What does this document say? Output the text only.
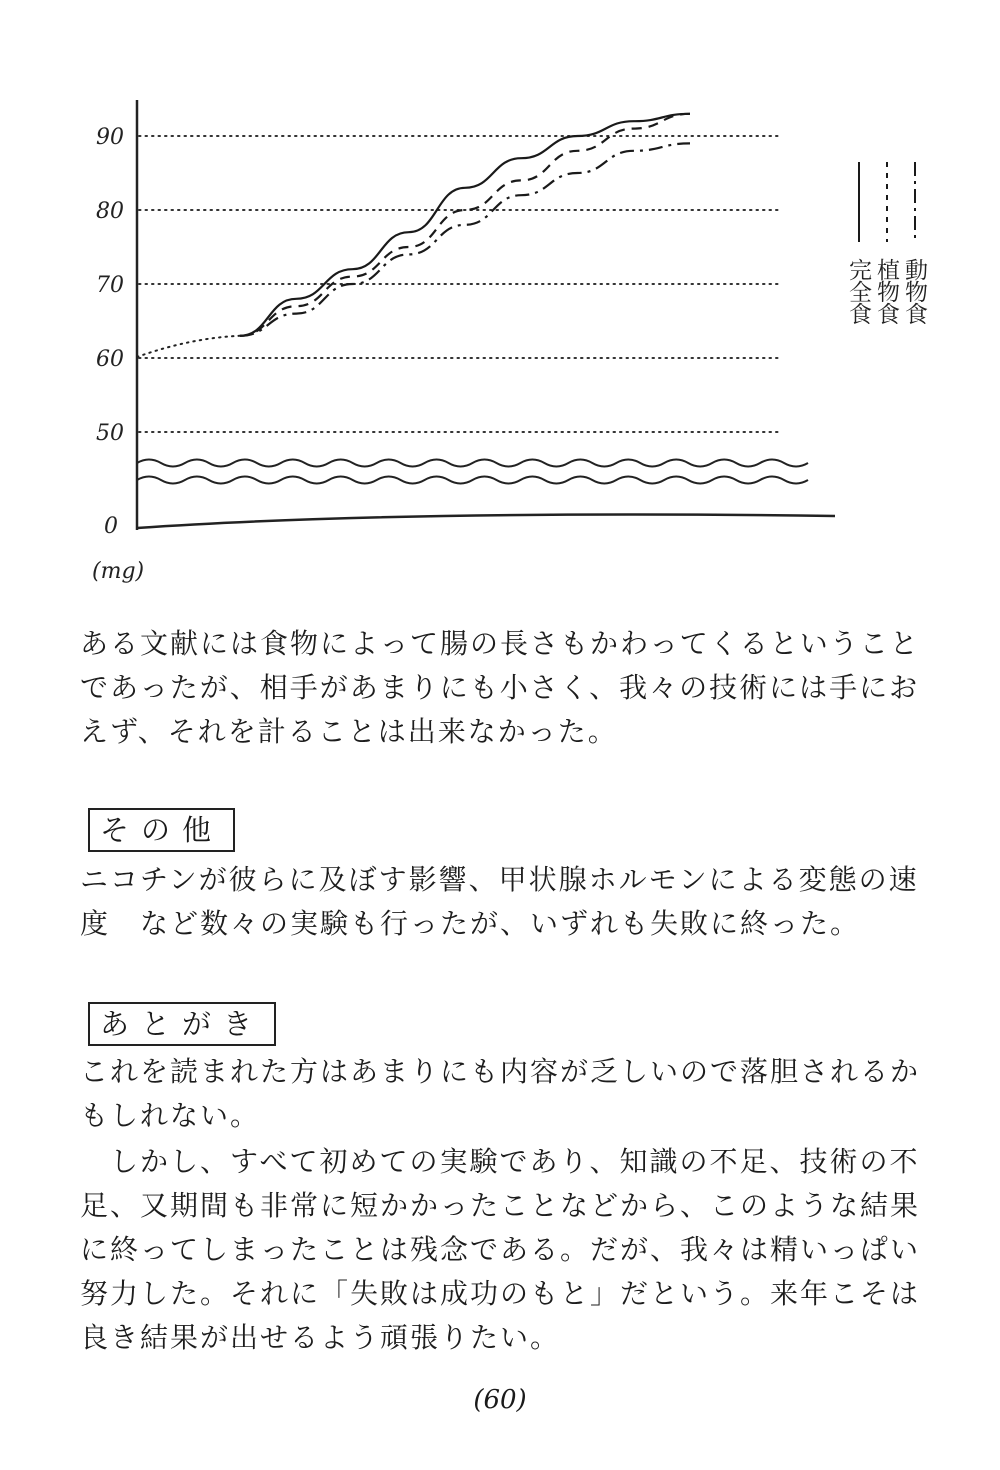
0
50
60
70
80
90
(mg)
動物食
植物食
完全食

ある文献には食物によって腸の長さもかわってくるということであったが、相手があまりにも小さく、我々の技術には手におえず、それを計ることは出来なかった。

その他

ニコチンが彼らに及ぼす影響、甲状腺ホルモンによる変態の速度　など数々の実験も行ったが、いずれも失敗に終った。

あとがき

これを読まれた方はあまりにも内容が乏しいので落胆されるかもしれない。

　しかし、すべて初めての実験であり、知識の不足、技術の不足、又期間も非常に短かかったことなどから、このような結果に終ってしまったことは残念である。だが、我々は精いっぱい努力した。それに「失敗は成功のもと」だという。来年こそは良き結果が出せるよう頑張りたい。

(60)
